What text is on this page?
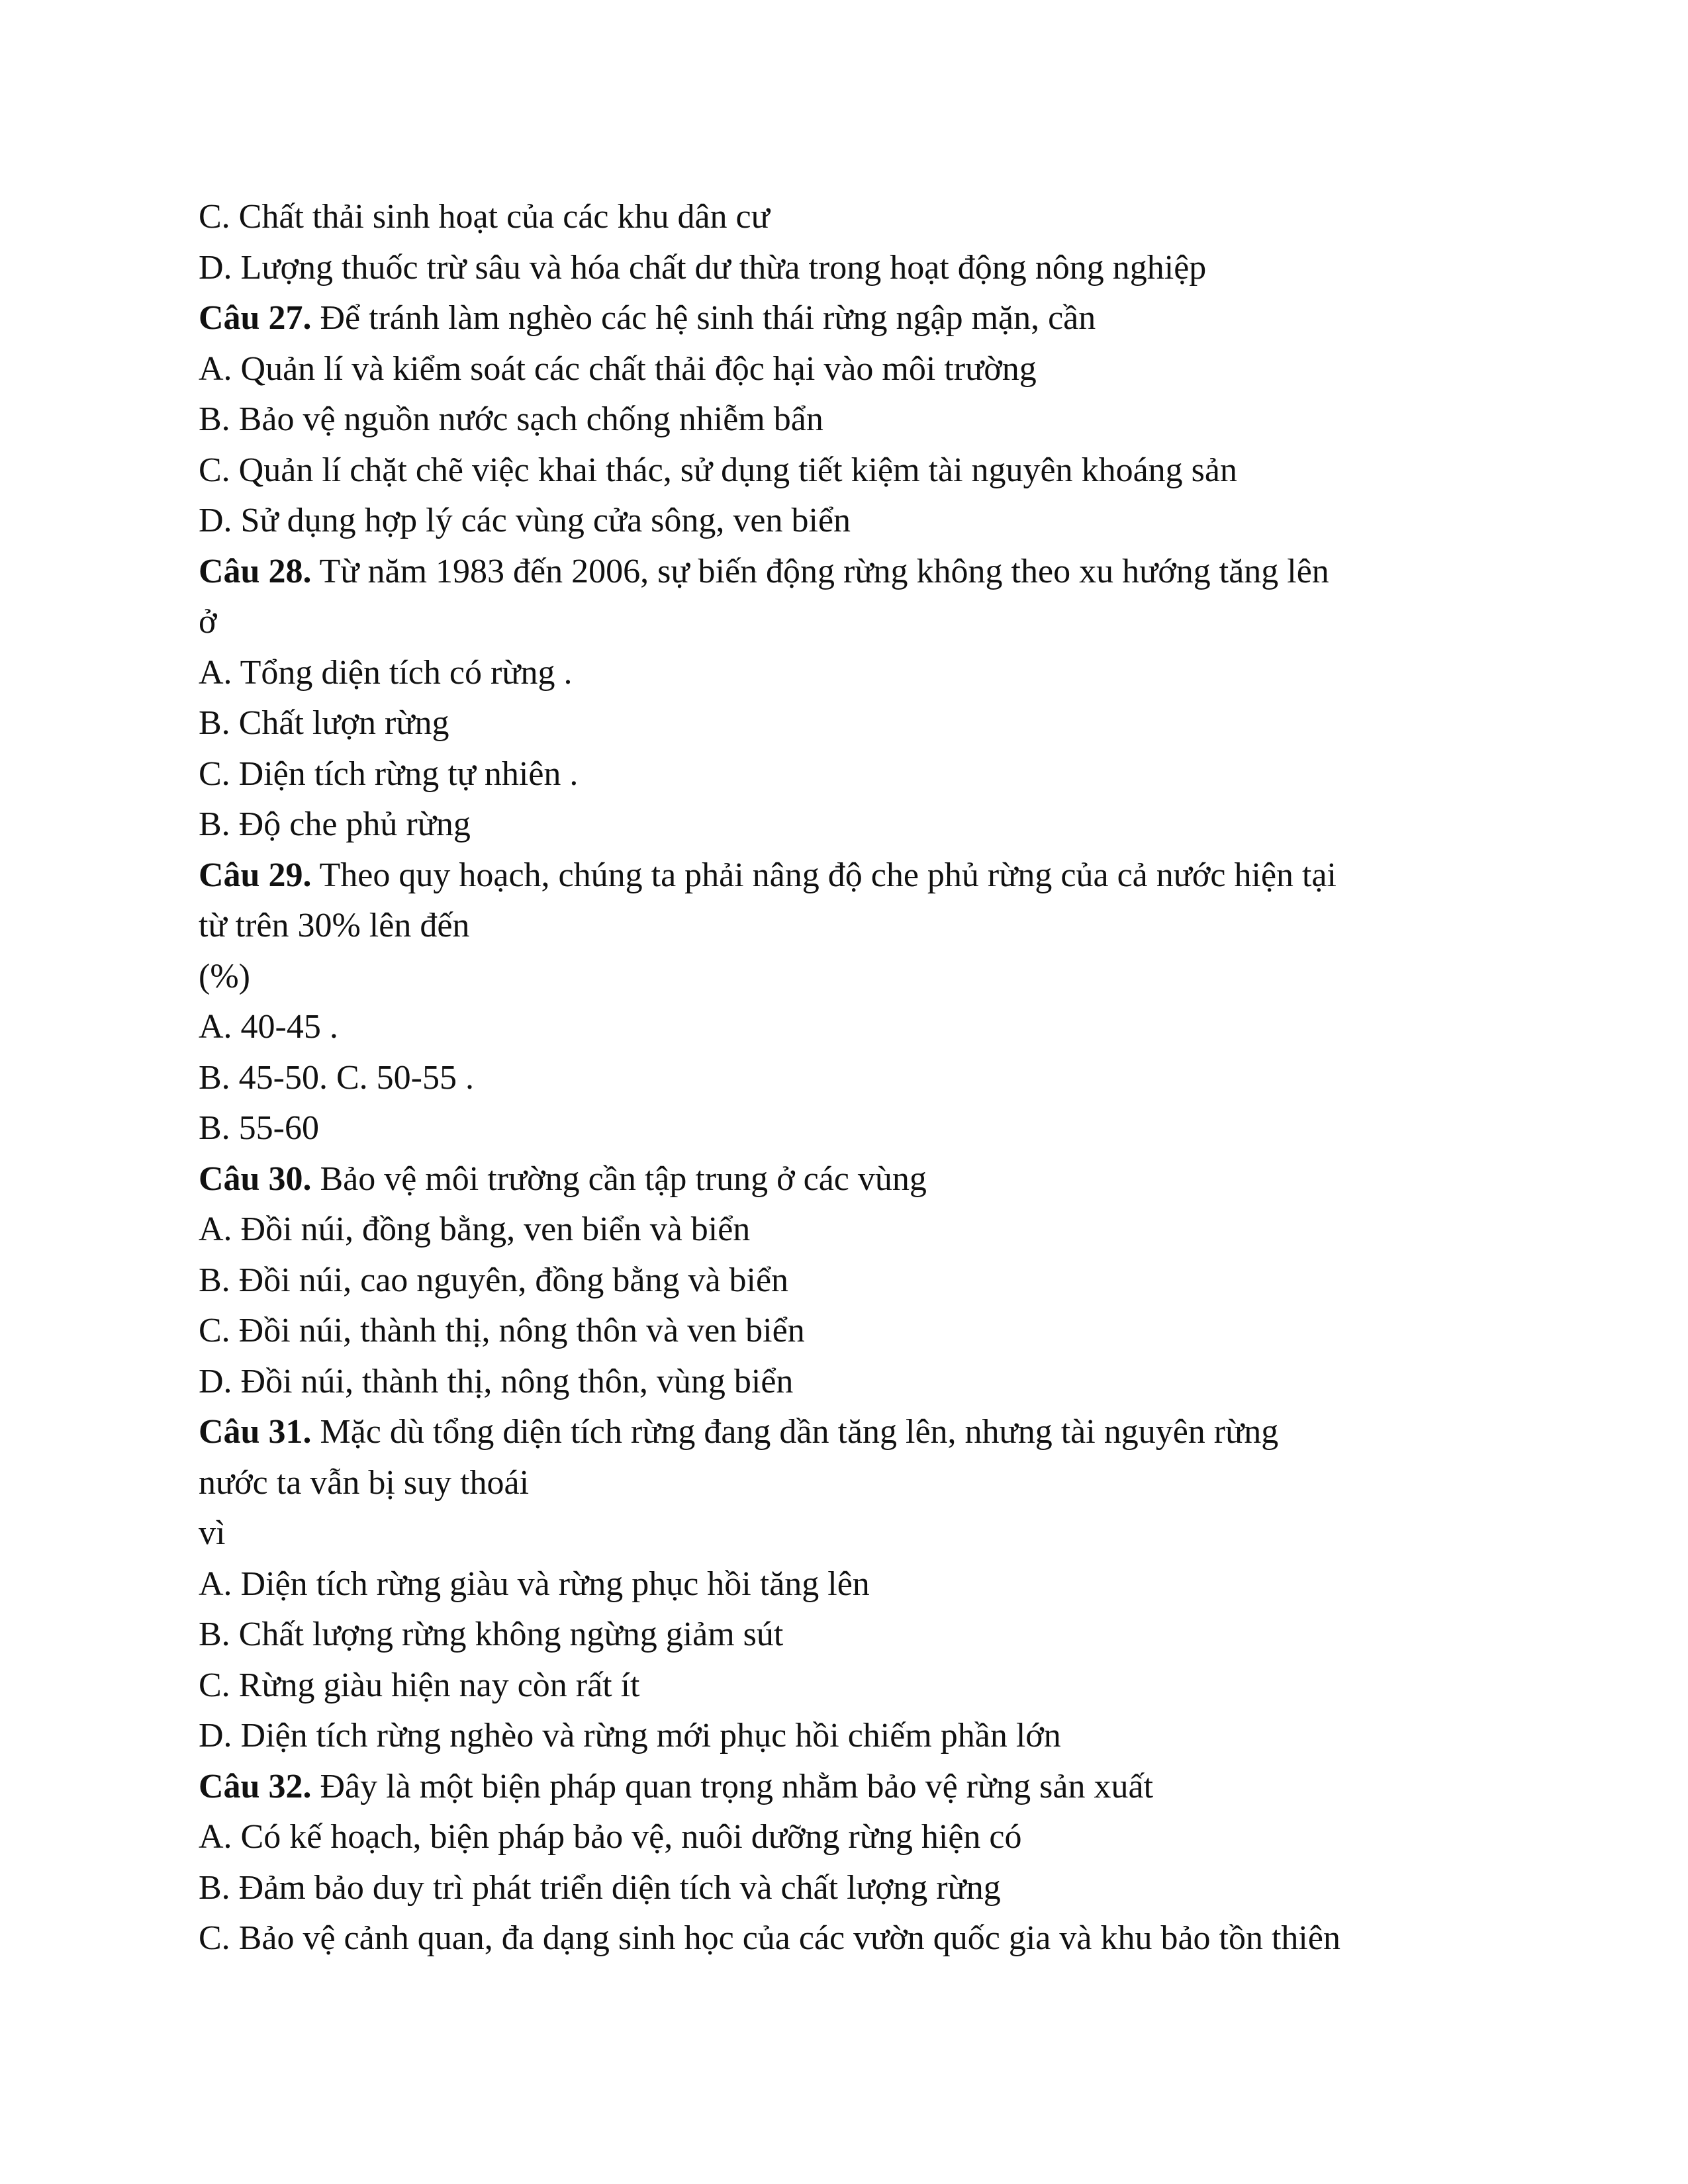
C. Chất thải sinh hoạt của các khu dân cư
D. Lượng thuốc trừ sâu và hóa chất dư thừa trong hoạt động nông nghiệp
Câu 27. Để tránh làm nghèo các hệ sinh thái rừng ngập mặn, cần
A. Quản lí và kiểm soát các chất thải độc hại vào môi trường
B. Bảo vệ nguồn nước sạch chống nhiễm bẩn
C. Quản lí chặt chẽ việc khai thác, sử dụng tiết kiệm tài nguyên khoáng sản
D. Sử dụng hợp lý các vùng cửa sông, ven biển
Câu 28. Từ năm 1983 đến 2006, sự biến động rừng không theo xu hướng tăng lên
ở
A. Tổng diện tích có rừng .
B. Chất lượn rừng
C. Diện tích rừng tự nhiên .
B. Độ che phủ rừng
Câu 29. Theo quy hoạch, chúng ta phải nâng độ che phủ rừng của cả nước hiện tại
từ trên 30% lên đến
(%)
A. 40-45 .
B. 45-50. C. 50-55 .
B. 55-60
Câu 30. Bảo vệ môi trường cần tập trung ở các vùng
A. Đồi núi, đồng bằng, ven biển và biển
B. Đồi núi, cao nguyên, đồng bằng và biển
C. Đồi núi, thành thị, nông thôn và ven biển
D. Đồi núi, thành thị, nông thôn, vùng biển
Câu 31. Mặc dù tổng diện tích rừng đang dần tăng lên, nhưng tài nguyên rừng
nước ta vẫn bị suy thoái
vì
A. Diện tích rừng giàu và rừng phục hồi tăng lên
B. Chất lượng rừng không ngừng giảm sút
C. Rừng giàu hiện nay còn rất ít
D. Diện tích rừng nghèo và rừng mới phục hồi chiếm phần lớn
Câu 32. Đây là một biện pháp quan trọng nhằm bảo vệ rừng sản xuất
A. Có kế hoạch, biện pháp bảo vệ, nuôi dưỡng rừng hiện có
B. Đảm bảo duy trì phát triển diện tích và chất lượng rừng
C. Bảo vệ cảnh quan, đa dạng sinh học của các vườn quốc gia và khu bảo tồn thiên
